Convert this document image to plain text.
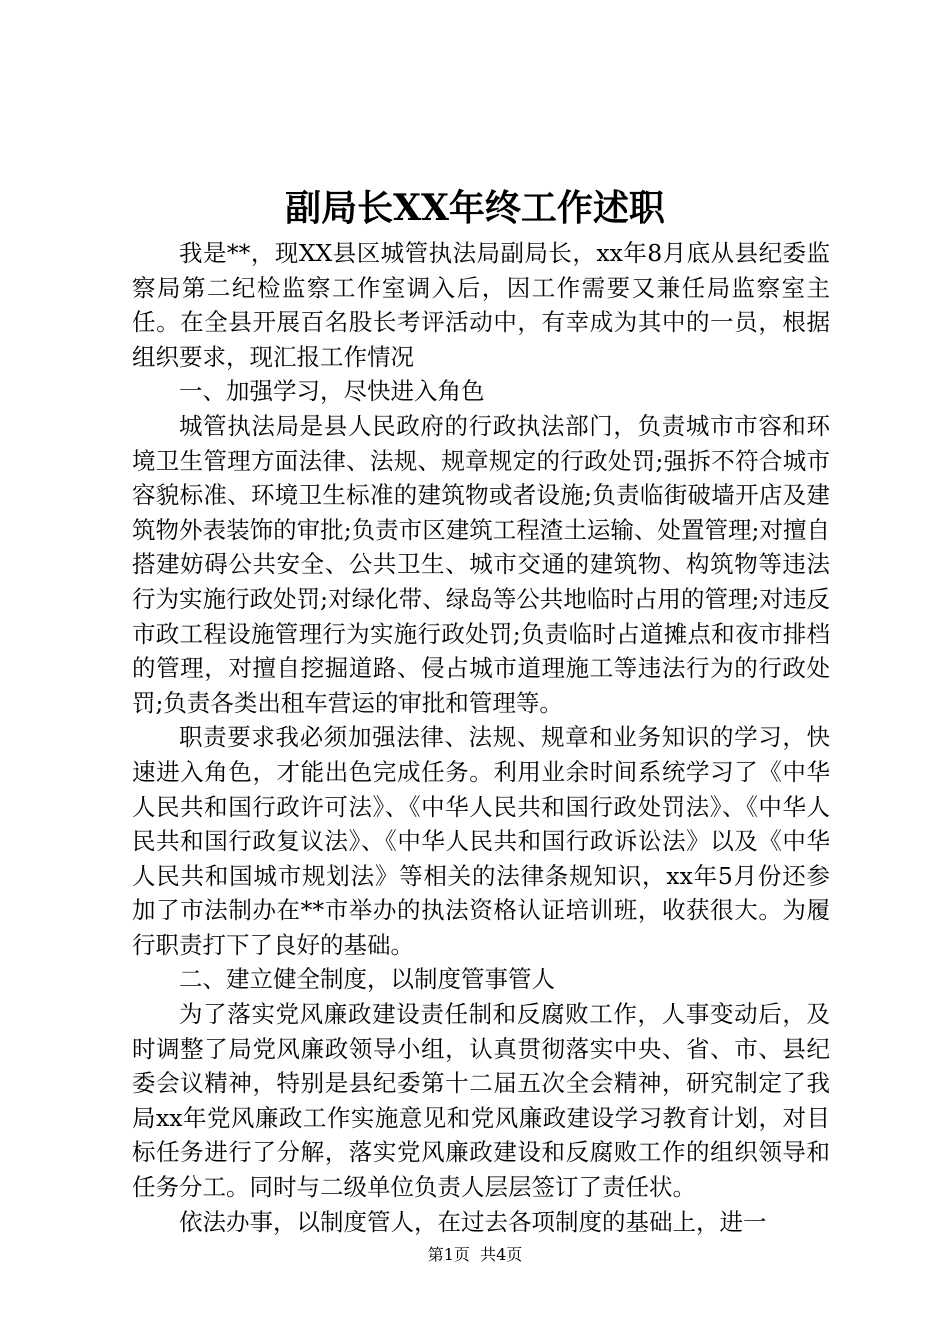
副局长XX年终工作述职

我是**，现XX县区城管执法局副局长，xx年8月底从县纪委监察局第二纪检监察工作室调入后，因工作需要又兼任局监察室主任。在全县开展百名股长考评活动中，有幸成为其中的一员，根据组织要求，现汇报工作情况

一、加强学习，尽快进入角色

城管执法局是县人民政府的行政执法部门，负责城市市容和环境卫生管理方面法律、法规、规章规定的行政处罚;强拆不符合城市容貌标准、环境卫生标准的建筑物或者设施;负责临街破墙开店及建筑物外表装饰的审批;负责市区建筑工程渣土运输、处置管理;对擅自搭建妨碍公共安全、公共卫生、城市交通的建筑物、构筑物等违法行为实施行政处罚;对绿化带、绿岛等公共地临时占用的管理;对违反市政工程设施管理行为实施行政处罚;负责临时占道摊点和夜市排档的管理，对擅自挖掘道路、侵占城市道理施工等违法行为的行政处罚;负责各类出租车营运的审批和管理等。

职责要求我必须加强法律、法规、规章和业务知识的学习，快速进入角色，才能出色完成任务。利用业余时间系统学习了《中华人民共和国行政许可法》、《中华人民共和国行政处罚法》、《中华人民共和国行政复议法》、《中华人民共和国行政诉讼法》以及《中华人民共和国城市规划法》等相关的法律条规知识，xx年5月份还参加了市法制办在**市举办的执法资格认证培训班，收获很大。为履行职责打下了良好的基础。

二、建立健全制度，以制度管事管人

为了落实党风廉政建设责任制和反腐败工作，人事变动后，及时调整了局党风廉政领导小组，认真贯彻落实中央、省、市、县纪委会议精神，特别是县纪委第十二届五次全会精神，研究制定了我局xx年党风廉政工作实施意见和党风廉政建设学习教育计划，对目标任务进行了分解，落实党风廉政建设和反腐败工作的组织领导和任务分工。同时与二级单位负责人层层签订了责任状。

依法办事，以制度管人，在过去各项制度的基础上，进一

第1页  共4页
